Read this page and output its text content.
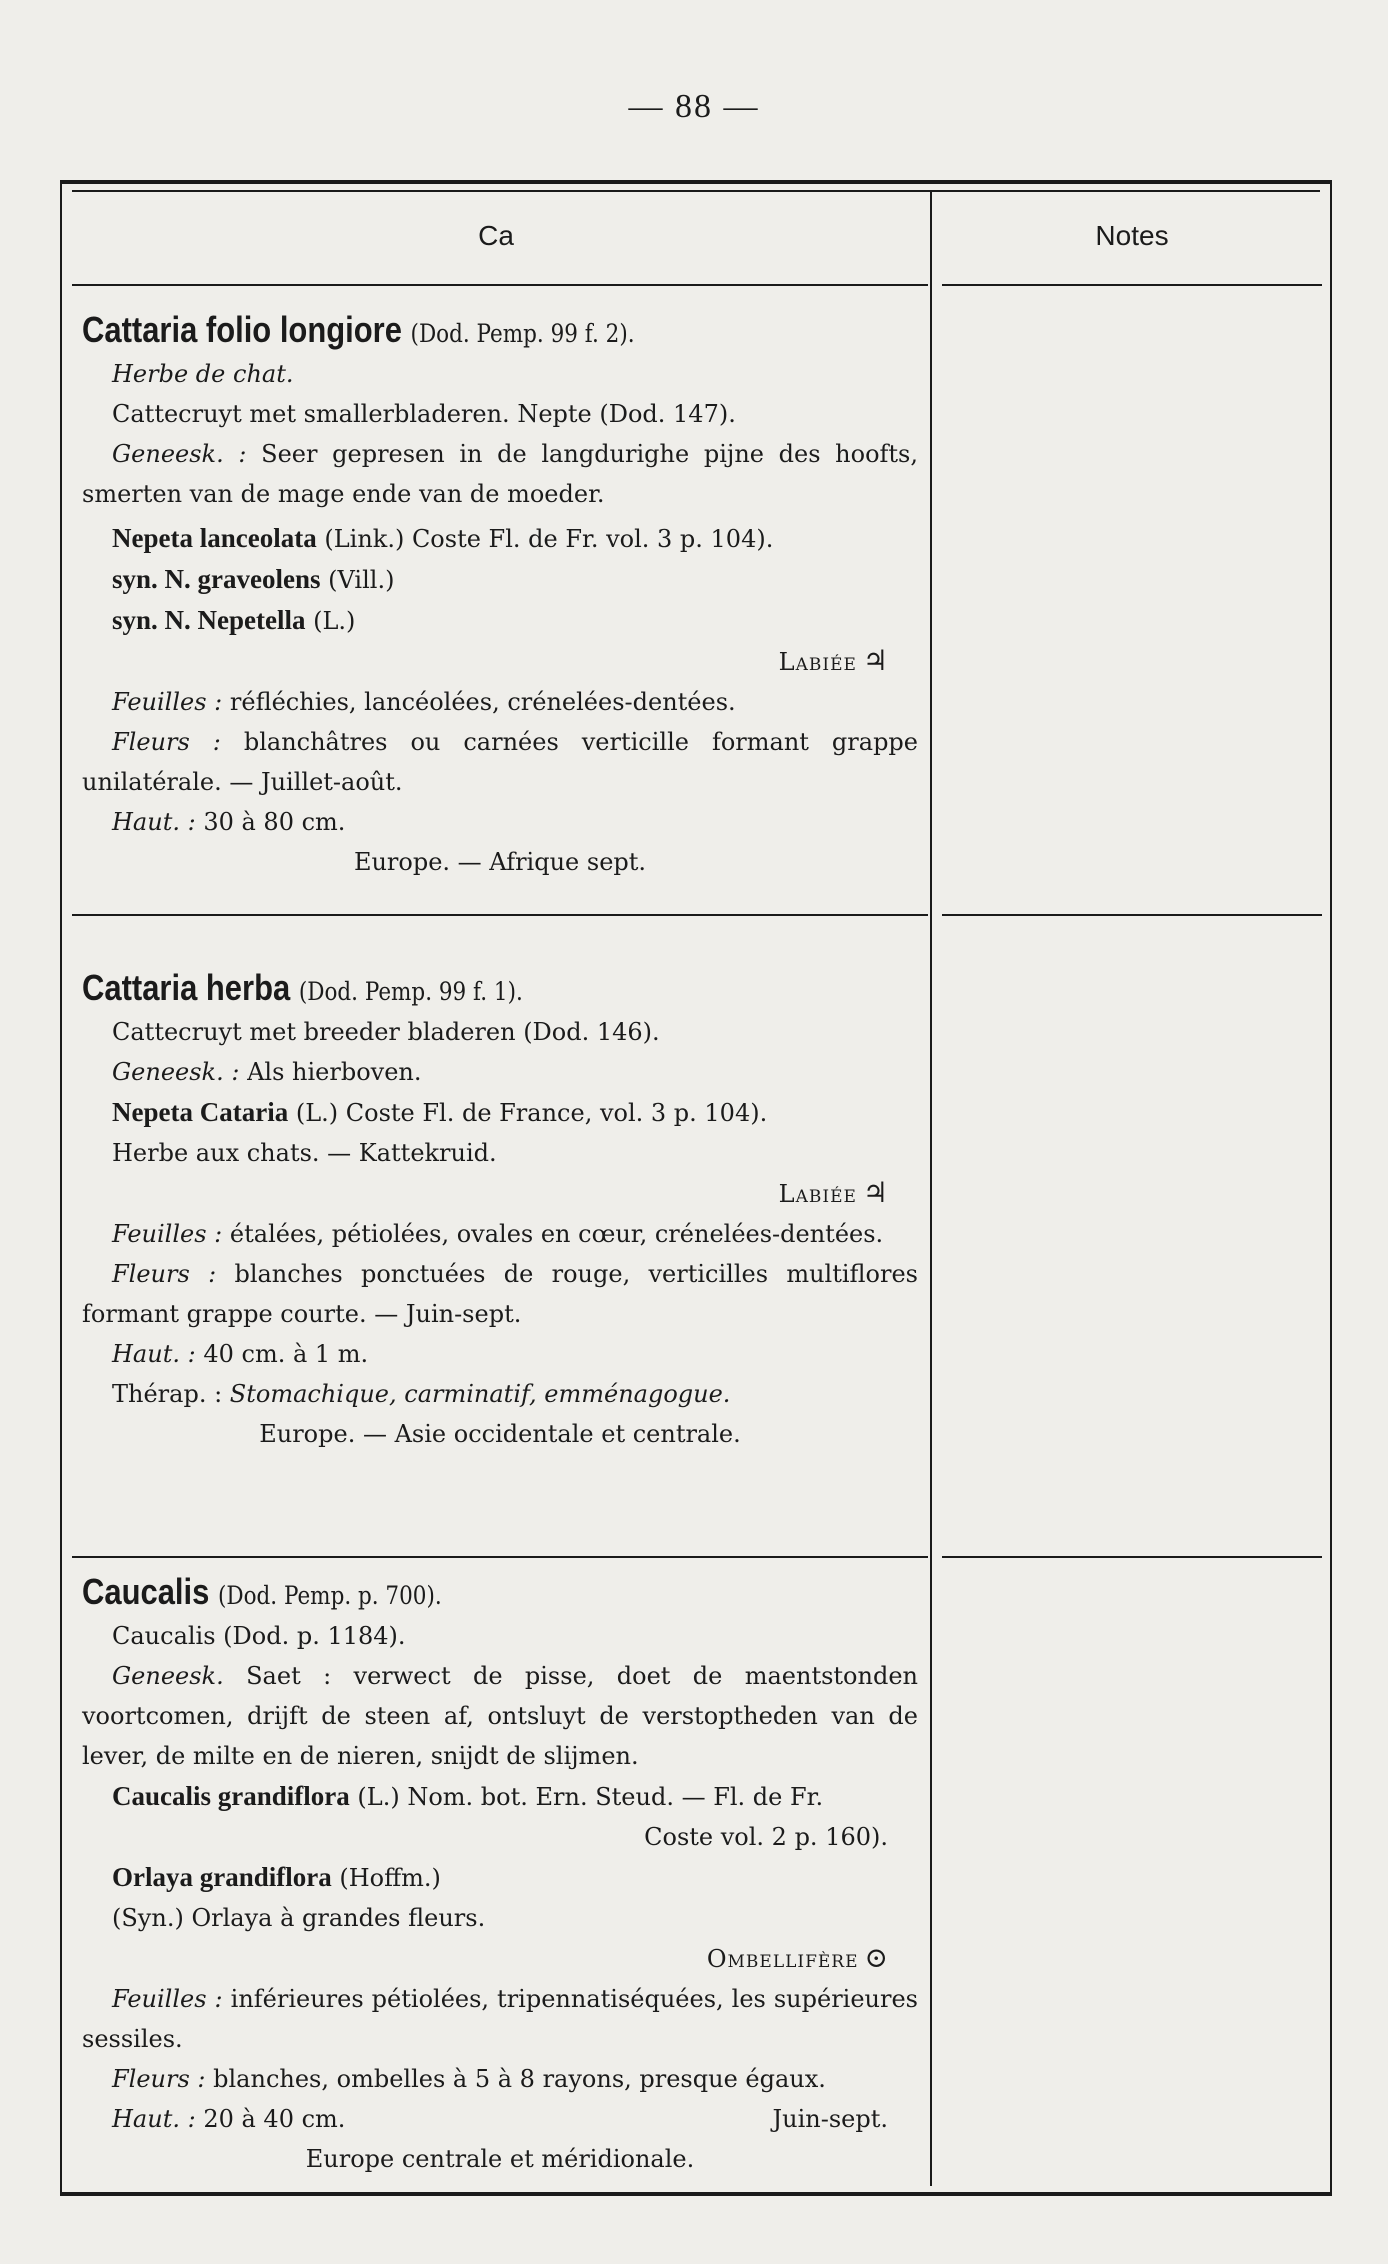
— 88 —
Ca	Notes

Cattaria folio longiore (Dod. Pemp. 99 f. 2).

Herbe de chat.

Cattecruyt met smallerbladeren. Nepte (Dod. 147).

Geneesk. : Seer gepresen in de langdurighe pijne des hoofts, smerten van de mage ende van de moeder.

Nepeta lanceolata (Link.) Coste Fl. de Fr. vol. 3 p. 104).

syn. N. graveolens (Vill.)

syn. N. Nepetella (L.)

Labiée ♃

Feuilles : réfléchies, lancéolées, crénelées-dentées.

Fleurs : blanchâtres ou carnées verticille formant grappe unilatérale. — Juillet-août.

Haut. : 30 à 80 cm.

Europe. — Afrique sept.

Cattaria herba (Dod. Pemp. 99 f. 1).

Cattecruyt met breeder bladeren (Dod. 146).

Geneesk. : Als hierboven.

Nepeta Cataria (L.) Coste Fl. de France, vol. 3 p. 104).

Herbe aux chats. — Kattekruid.

Labiée ♃

Feuilles : étalées, pétiolées, ovales en cœur, crénelées-dentées.

Fleurs : blanches ponctuées de rouge, verticilles multiflores formant grappe courte. — Juin-sept.

Haut. : 40 cm. à 1 m.

Thérap. : Stomachique, carminatif, emménagogue.

Europe. — Asie occidentale et centrale.

Caucalis (Dod. Pemp. p. 700).

Caucalis (Dod. p. 1184).

Geneesk. Saet : verwect de pisse, doet de maentstonden voortcomen, drijft de steen af, ontsluyt de verstoptheden van de lever, de milte en de nieren, snijdt de slijmen.

Caucalis grandiflora (L.) Nom. bot. Ern. Steud. — Fl. de Fr.

Coste vol. 2 p. 160).

Orlaya grandiflora (Hoffm.)

(Syn.) Orlaya à grandes fleurs.

Ombellifère ⊙

Feuilles : inférieures pétiolées, tripennatiséquées, les supérieures sessiles.

Fleurs : blanches, ombelles à 5 à 8 rayons, presque égaux.

Haut. : 20 à 40 cm.	Juin-sept.

Europe centrale et méridionale.
